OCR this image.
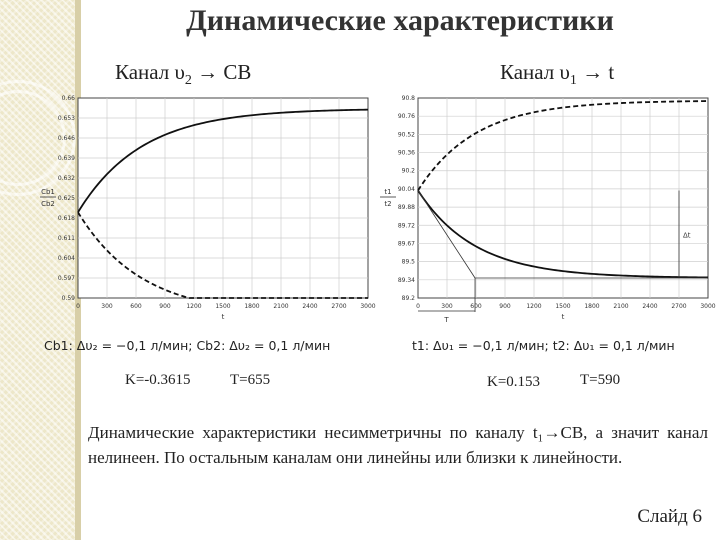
Динамические характеристики
Канал $\upsilon_2$ → CB	Канал $\upsilon_1 \to t$
0	300	600	900	1200 1500 1800 2100 2400 2700 3000
0.66
0.653
0.646
0.639
0.632
0.625
0.618
0.611
0.604
0.597
0.59
t
Cb1
Cb2
0	300	600	900	1200 1500 1800 2100 2400 2700 3000
90.8
90.76
90.52
90.36
90.2
90.04
89.88
89.72
89.67
89.5
89.34
89.2
t
t1
t2
T
Δt
Cb1: Δυ₂ = −0,1 л/мин; Cb2: Δυ₂ = 0,1 л/мин	t1: Δυ₁ = −0,1 л/мин; t2: Δυ₁ = 0,1 л/мин
K=-0.3615	T=655	K=0.153	T=590
Динамические характеристики несимметричны по каналу t₁→CB, а значит канал нелинеен. По остальным каналам они линейны или близки к линейности.
Слайд 6
